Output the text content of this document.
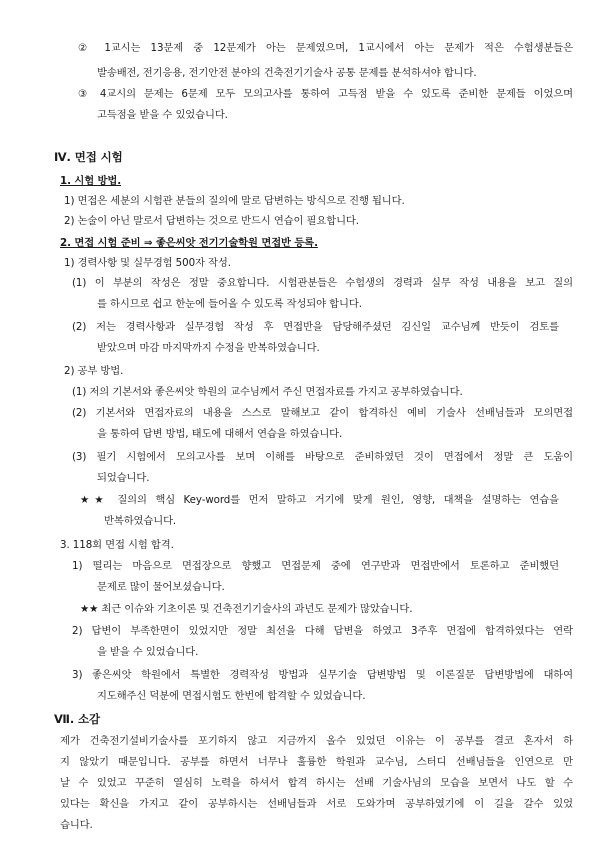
② 1교시는 13문제 중 12문제가 아는 문제였으며, 1교시에서 아는 문제가 적은 수험생분들은
발송배전, 전기응용, 전기안전 분야의 건축전기기술사 공통 문제를 분석하셔야 합니다.
③ 4교시의 문제는 6문제 모두 모의고사를 통하여 고득점 받을 수 있도록 준비한 문제들 이었으며
고득점을 받을 수 있었습니다.
Ⅳ. 면접 시험
1. 시험 방법.
1) 면접은 세분의 시험관 분들의 질의에 말로 답변하는 방식으로 진행 됩니다.
2) 논술이 아닌 말로서 답변하는 것으로 반드시 연습이 필요합니다.
2. 면접 시험 준비 ⇒ 좋은씨앗 전기기술학원 면접반 등록.
1) 경력사항 및 실무경험 500자 작성.
(1) 이 부분의 작성은 정말 중요합니다. 시험관분들은 수험생의 경력과 실무 작성 내용을 보고 질의
를 하시므로 쉽고 한눈에 들어올 수 있도록 작성되야 합니다.
(2) 저는 경력사항과 실무경험 작성 후 면접반을 담당해주셨던 김신일 교수님께 반듯이 검토를
받았으며 마감 마지막까지 수정을 반복하였습니다.
2) 공부 방법.
(1) 저의 기본서와 좋은씨앗 학원의 교수님께서 주신 면접자료를 가지고 공부하였습니다.
(2) 기본서와 면접자료의 내용을 스스로 말해보고 같이 합격하신 예비 기술사 선배님들과 모의면접
을 통하여 답변 방법, 태도에 대해서 연습을 하였습니다.
(3) 필기 시험에서 모의고사를 보며 이해를 바탕으로 준비하였던 것이 면접에서 정말 큰 도움이
되었습니다.
★★ 질의의 핵심 Key-word를 먼저 말하고 거기에 맞게 원인, 영향, 대책을 설명하는 연습을
반복하였습니다.
3. 118회 면접 시험 합격.
1) 떨리는 마음으로 면접장으로 향했고 면접문제 중에 연구반과 면접반에서 토론하고 준비했던
문제로 많이 물어보셨습니다.
★★ 최근 이슈와 기초이론 및 건축전기기술사의 과년도 문제가 많았습니다.
2) 답변이 부족한면이 있었지만 정말 최선을 다해 답변을 하였고 3주후 면접에 합격하였다는 연락
을 받을 수 있었습니다.
3) 좋은씨앗 학원에서 특별한 경력작성 방법과 실무기술 답변방법 및 이론질문 답변방법에 대하여
지도해주신 덕분에 면접시험도 한번에 합격할 수 있었습니다.
Ⅶ. 소감
제가 건축전기설비기술사를 포기하지 않고 지금까지 올수 있었던 이유는 이 공부를 결코 혼자서 하
지 않았기 때문입니다. 공부를 하면서 너무나 훌륭한 학원과 교수님, 스터디 선배님들을 인연으로 만
날 수 있었고 꾸준히 열심히 노력을 하셔서 합격 하시는 선배 기술사님의 모습을 보면서 나도 할 수
있다는 확신을 가지고 같이 공부하시는 선배님들과 서로 도와가며 공부하였기에 이 길을 갈수 있었
습니다.
